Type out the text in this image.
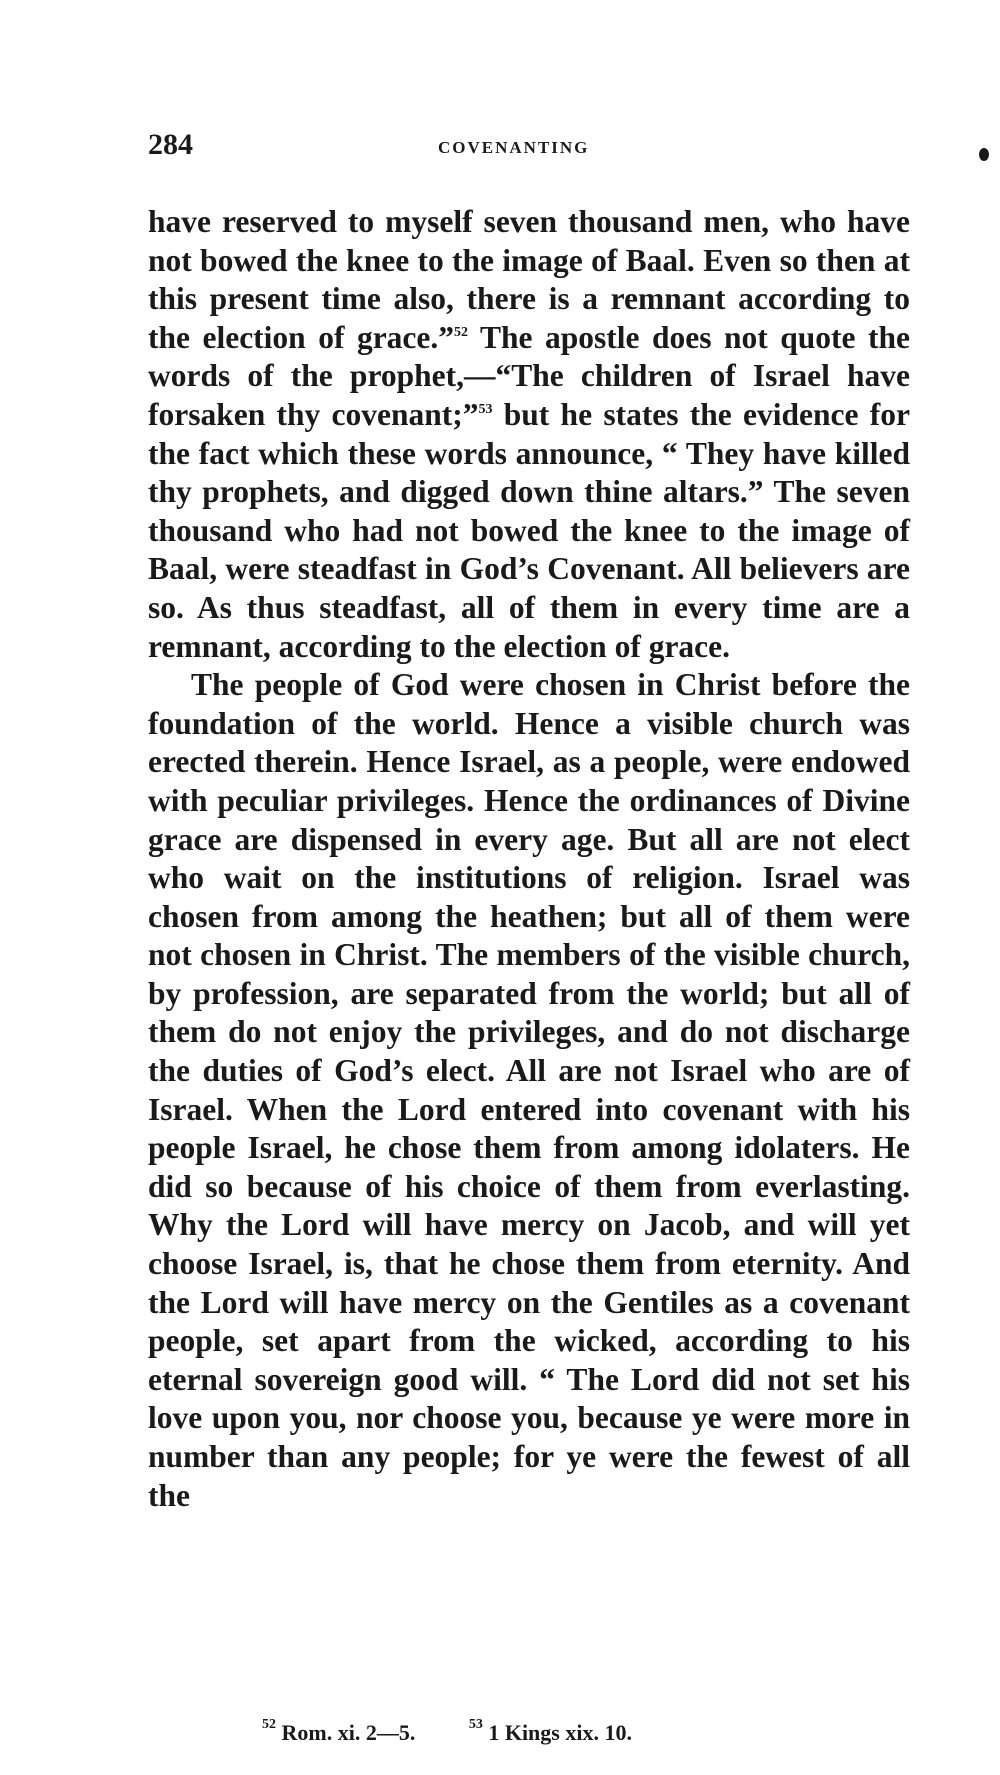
284	COVENANTING

have reserved to myself seven thousand men, who have not bowed the knee to the image of Baal. Even so then at this present time also, there is a remnant according to the election of grace.”$^{52}$ The apostle does not quote the words of the prophet,—“The children of Israel have forsaken thy covenant;”$^{53}$ but he states the evidence for the fact which these words announce, “ They have killed thy prophets, and digged down thine altars.” The seven thousand who had not bowed the knee to the image of Baal, were steadfast in God’s Covenant. All believers are so. As thus steadfast, all of them in every time are a remnant, according to the election of grace.

The people of God were chosen in Christ before the foundation of the world. Hence a visible church was erected therein. Hence Israel, as a people, were endowed with peculiar privileges. Hence the ordinances of Divine grace are dispensed in every age. But all are not elect who wait on the institutions of religion. Israel was chosen from among the heathen; but all of them were not chosen in Christ. The members of the visible church, by profession, are separated from the world; but all of them do not enjoy the privileges, and do not discharge the duties of God’s elect. All are not Israel who are of Israel. When the Lord entered into covenant with his people Israel, he chose them from among idolaters. He did so because of his choice of them from everlasting. Why the Lord will have mercy on Jacob, and will yet choose Israel, is, that he chose them from eternity. And the Lord will have mercy on the Gentiles as a covenant people, set apart from the wicked, according to his eternal sovereign good will. “ The Lord did not set his love upon you, nor choose you, because ye were more in number than any people; for ye were the fewest of all the

$^{52}$ Rom. xi. 2—5.	$^{53}$ 1 Kings xix. 10.
